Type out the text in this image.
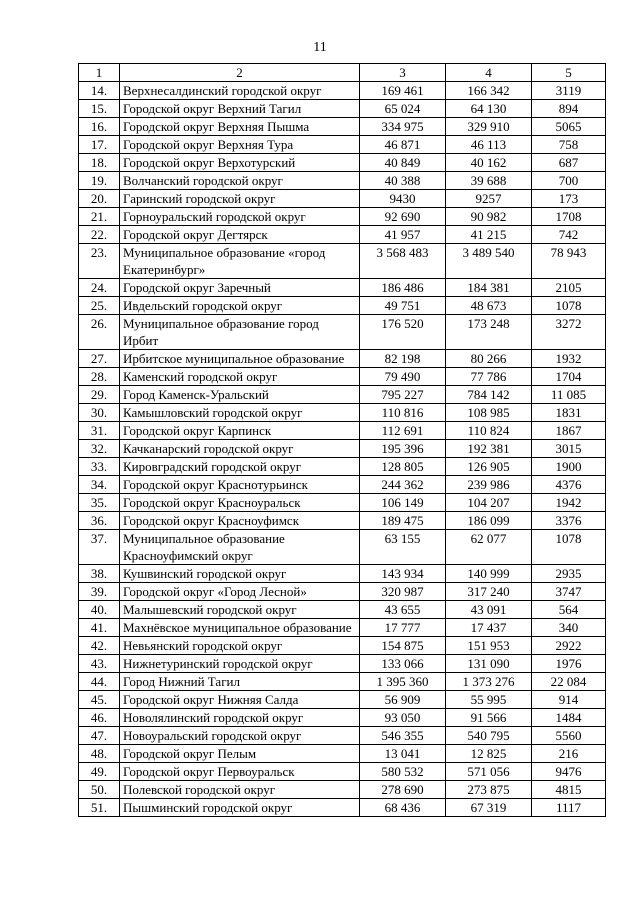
11
1	2	3	4	5
14.	Верхнесалдинский городской округ	169 461	166 342	3119
15.	Городской округ Верхний Тагил	65 024	64 130	894
16.	Городской округ Верхняя Пышма	334 975	329 910	5065
17.	Городской округ Верхняя Тура	46 871	46 113	758
18.	Городской округ Верхотурский	40 849	40 162	687
19.	Волчанский городской округ	40 388	39 688	700
20.	Гаринский городской округ	9430	9257	173
21.	Горноуральский городской округ	92 690	90 982	1708
22.	Городской округ Дегтярск	41 957	41 215	742
23.	Муниципальное образование «город Екатеринбург»	3 568 483	3 489 540	78 943
24.	Городской округ Заречный	186 486	184 381	2105
25.	Ивдельский городской округ	49 751	48 673	1078
26.	Муниципальное образование город Ирбит	176 520	173 248	3272
27.	Ирбитское муниципальное образование	82 198	80 266	1932
28.	Каменский городской округ	79 490	77 786	1704
29.	Город Каменск-Уральский	795 227	784 142	11 085
30.	Камышловский городской округ	110 816	108 985	1831
31.	Городской округ Карпинск	112 691	110 824	1867
32.	Качканарский городской округ	195 396	192 381	3015
33.	Кировградский городской округ	128 805	126 905	1900
34.	Городской округ Краснотурьинск	244 362	239 986	4376
35.	Городской округ Красноуральск	106 149	104 207	1942
36.	Городской округ Красноуфимск	189 475	186 099	3376
37.	Муниципальное образование Красноуфимский округ	63 155	62 077	1078
38.	Кушвинский городской округ	143 934	140 999	2935
39.	Городской округ «Город Лесной»	320 987	317 240	3747
40.	Малышевский городской округ	43 655	43 091	564
41.	Махнёвское муниципальное образование	17 777	17 437	340
42.	Невьянский городской округ	154 875	151 953	2922
43.	Нижнетуринский городской округ	133 066	131 090	1976
44.	Город Нижний Тагил	1 395 360	1 373 276	22 084
45.	Городской округ Нижняя Салда	56 909	55 995	914
46.	Новолялинский городской округ	93 050	91 566	1484
47.	Новоуральский городской округ	546 355	540 795	5560
48.	Городской округ Пелым	13 041	12 825	216
49.	Городской округ Первоуральск	580 532	571 056	9476
50.	Полевской городской округ	278 690	273 875	4815
51.	Пышминский городской округ	68 436	67 319	1117
